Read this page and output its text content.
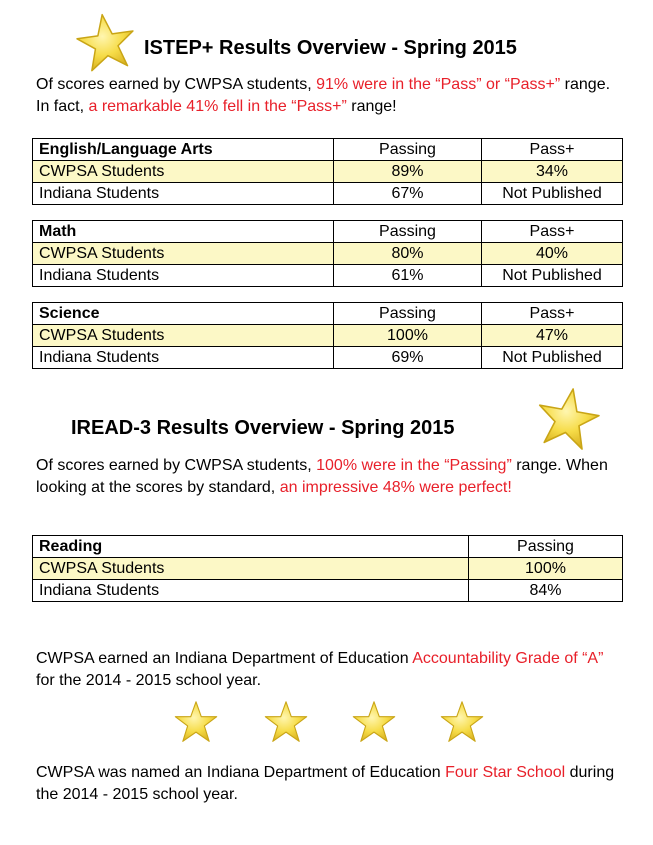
ISTEP+ Results Overview - Spring 2015

Of scores earned by CWPSA students, 91% were in the “Pass” or “Pass+” range. In fact, a remarkable 41% fell in the “Pass+” range!

English/Language Arts	Passing	Pass+
CWPSA Students	89%	34%
Indiana Students	67%	Not Published
Math	Passing	Pass+
CWPSA Students	80%	40%
Indiana Students	61%	Not Published
Science	Passing	Pass+
CWPSA Students	100%	47%
Indiana Students	69%	Not Published
IREAD-3 Results Overview - Spring 2015

Of scores earned by CWPSA students, 100% were in the “Passing” range. When looking at the scores by standard, an impressive 48% were perfect!

Reading	Passing
CWPSA Students	100%
Indiana Students	84%

CWPSA earned an Indiana Department of Education Accountability Grade of “A” for the 2014 - 2015 school year.

CWPSA was named an Indiana Department of Education Four Star School during the 2014 - 2015 school year.
